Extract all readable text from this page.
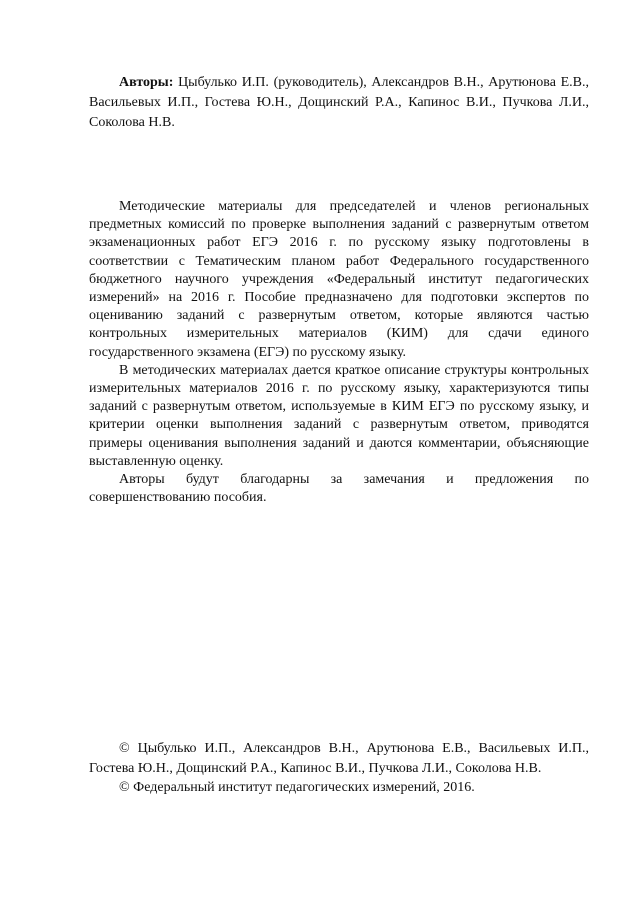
Авторы: Цыбулько И.П. (руководитель), Александров В.Н., Арутюнова Е.В., Васильевых И.П., Гостева Ю.Н., Дощинский Р.А., Капинос В.И., Пучкова Л.И., Соколова Н.В.

Методические материалы для председателей и членов региональных предметных комиссий по проверке выполнения заданий с развернутым ответом экзаменационных работ ЕГЭ 2016 г. по русскому языку подготовлены в соответствии с Тематическим планом работ Федерального государственного бюджетного научного учреждения «Федеральный институт педагогических измерений» на 2016 г. Пособие предназначено для подготовки экспертов по оцениванию заданий с развернутым ответом, которые являются частью контрольных измерительных материалов (КИМ) для сдачи единого государственного экзамена (ЕГЭ) по русскому языку.

В методических материалах дается краткое описание структуры контрольных измерительных материалов 2016 г. по русскому языку, характеризуются типы заданий с развернутым ответом, используемые в КИМ ЕГЭ по русскому языку, и критерии оценки выполнения заданий с развернутым ответом, приводятся примеры оценивания выполнения заданий и даются комментарии, объясняющие выставленную оценку.

Авторы будут благодарны за замечания и предложения по совершенствованию пособия.

© Цыбулько И.П., Александров В.Н., Арутюнова Е.В., Васильевых И.П., Гостева Ю.Н., Дощинский Р.А., Капинос В.И., Пучкова Л.И., Соколова Н.В.

© Федеральный институт педагогических измерений, 2016.
